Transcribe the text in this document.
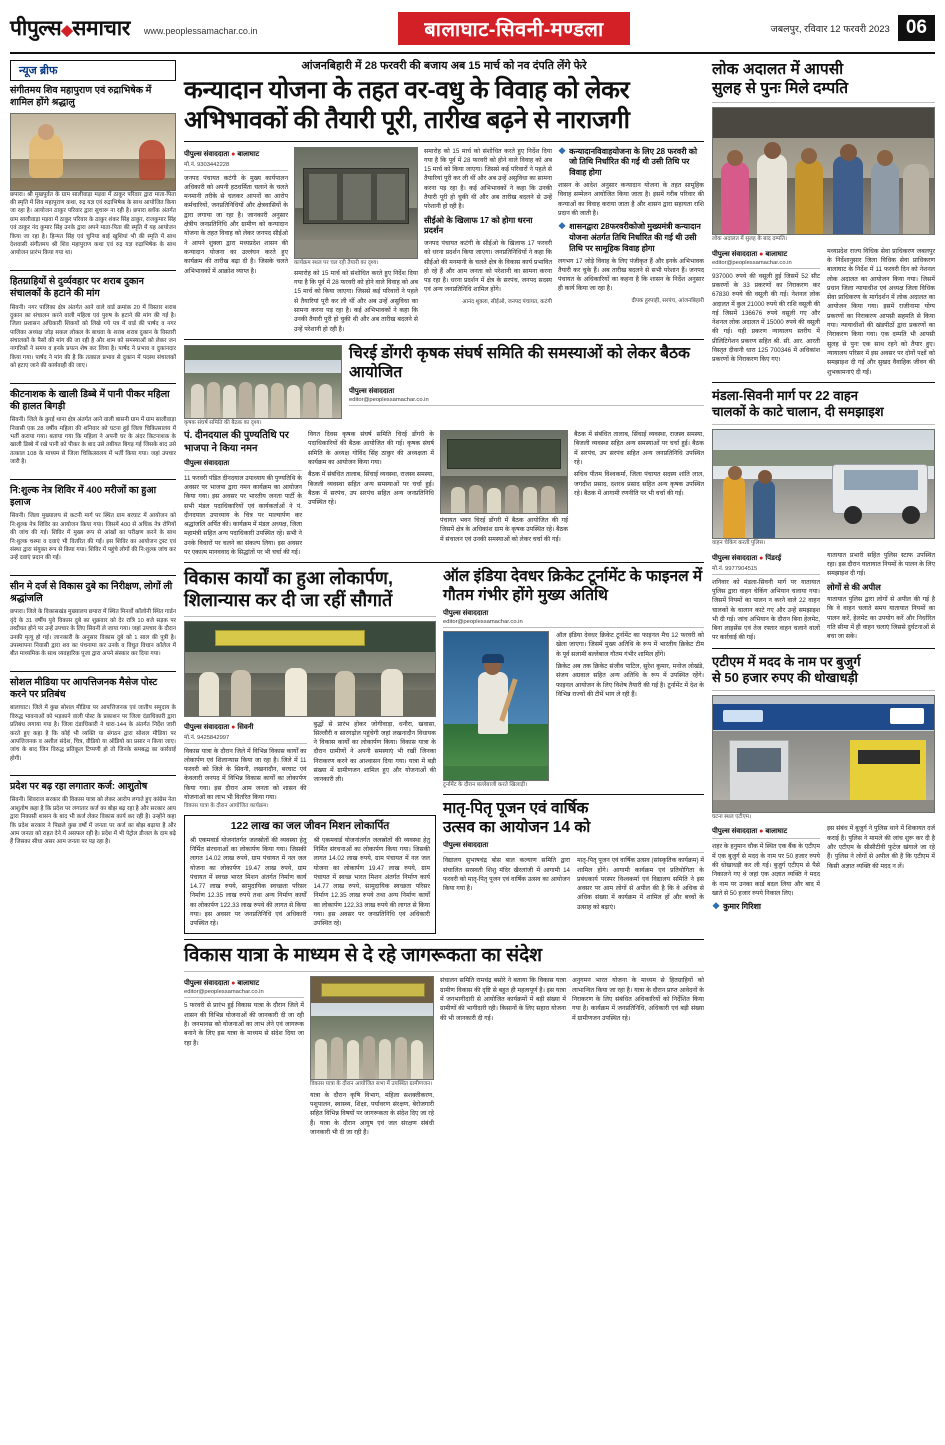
पीपुल्स◆समाचार www.peoplessamachar.co.in	बालाघाट-सिवनी-मण्डला	जबलपुर, रविवार 12 फरवरी 2023 06
न्यूज ब्रीफ
संगीतमय शिव महापुराण एवं रुद्राभिषेक में शामिल होंगे श्रद्धालु
छपारा। श्री मुखपुर्वत के ग्राम सालीवाड़ा मड़वा में ठाकुर परिवार द्वारा माता-पिता की स्मृति में शिव महापुराण कथा, रुद्र यज्ञ एवं रुद्राभिषेक के साथ आयोजित किया जा रहा है। आयोजन ठाकुर परिवार द्वारा सुचारू ना रही है। छपारा ब्लॉक अंतर्गत ग्राम सालीवाड़ा मड़वा में ठाकुर परिवार के ठाकुर शंकर सिंह ठाकुर, राजकुमार सिंह एवं ठाकुर नंद कुमार सिंह उनके द्वारा अपने माता-पिता की स्मृति में यह आयोजन किया जा रहा है। हिन्मत सिंह एवं चुनिया बाई खुशियां भी की स्मृति में साथ देशवासी संगीतमय श्री शिव महापुराण कथा एवं रुद्र यज्ञ रुद्राभिषेक के साथ आयोजन प्रारंभ किया गया था।
हितग्राहियों से दुर्व्यवहार पर शराब दुकान संचालकों के हटाने की मांग
सिवनी। नगर पालिका क्षेत्र अंतर्गत आने वाले वार्ड क्रमांक 20 में विस्तार शराब दुकान का संचालन करने वाली महिला एवं पुरुष के हटाने की मांग की गई है। जिला प्रशासन अधिकारी शिकयों को लिखे गये पत्र में वार्ड की पार्षद व नगर पालिका अध्यक्ष जोड़ सकल लोकल के बाधवा के शराब शराब दुकान के विस्तारी संचालकों के पैसों की मांग की जा रही है और शाम को समस्याओं को लेकर जन नागरिकों ने समय व इनके प्रयत्न शेष कर लिया है। पार्षद ने प्रभाव व दुकानदार किया गया। पार्षद ने मांग की है कि तत्काल प्रभाव से दुकान में पदस्थ संचालकों को हटाए जाने की कार्यवाही की जाए।
कीटनाशक के खाली डिब्बे में पानी पीकर महिला की हालत बिगड़ी
सिवनी। जिले के कुरई थाना क्षेत्र अंतर्गत आने वाली बासनी ग्राम में ग्राम सालीवाड़ा निवासी एक 28 वर्षीय महिला की शनिवार को घटना हुई जिला चिकित्सालय में भर्ती कराया गया। बताया गया कि महिला ने अपनी घर के अंदर किटनाशक के खाली डिब्बे में रखे पानी को पीकर के बाद उसे तबीयत बिगड़ गई जिसके बाद उसे तत्काल 108 के माध्यम से जिला चिकित्सालय में भर्ती किया गया। जहां उपचार जारी है।
नि:शुल्क नेत्र शिविर में 400 मरीजों का हुआ इलाज
सिवनी। जिला मुख्यालय से कटनी मार्ग पर स्थित ग्राम बरघाट में आयोजन को नि:शुल्क नेत्र शिविर का आयोजन किया गया। जिसमें 400 से अधिक नेत्र रोगियों की जांच की गई। शिविर में मुख्य रूप से आंखों का परीक्षण करने के साथ नि:शुल्क चश्मा व दवाएं भी वितरित की गईं। इस शिविर का आयोजन ट्रस्ट एवं संस्था द्वारा संयुक्त रूप से किया गया। शिविर में पहुंचे लोगों की नि:शुल्क जांच कर उन्हें दवाएं प्रदान की गईं।
सीन मे दर्ज से विकास दुबे का निरीक्षण, लोगों ली श्रद्धांजलि
छपारा। जिले के विकासखंड मुख्यालय छपारा में स्थित मिनर्वो कॉलोनी स्थित गार्डन वृंदे के 31 वर्षीय युवे विकास दुबे का शुक्रवार को देर रात्रि 10 बजे सड़क पर तब्दीयत होने पर उन्हें उपचार के लिए सिवनी ले जाया गया। जहां उपचार के दौरान उनकी मृत्यु हो गई। जानकारी के अनुसार विकास दुबे को 1 साल की पुत्री है। उपस्थापना निवासी द्वारा शव का पंचनामा कर उनके व विधुत विधान कॉलेज में बीत माध्यमिक के साथ व्यवहारिक पूजा द्वारा अपने संस्कार कर दिया गया।
सोशल मीडिया पर आपत्तिजनक मैसेज पोस्ट करने पर प्रतिबंध
बालाघाट। जिले में कुछ सोशल मीडिया पर आपत्तिजनक एवं जातीय समुदाय के विरुद्ध भावनाओं को भड़काने वाली पोस्ट के प्रकाशन पर जिला दंडाधिकारी द्वारा प्रतिबंध लगाया गया है। जिला दंडाधिकारी ने धारा-144 के अंतर्गत निर्देश जारी करते हुए कहा है कि कोई भी व्यक्ति या संगठन द्वारा सोशल मीडिया पर आपत्तिजनक व अशील संदेश, चित्र, वीडियो या ऑडियो का प्रसार न किया जाए। जांच के बाद जिन विरुद्ध प्रतिकूल टिप्पणी हो तो जिनके समबद्ध का कार्रवाई होगी।
प्रदेश पर बढ़ रहा लगातार कर्ज: आशुतोष
सिवनी। शिवराज सरकार की विकास यात्रा को लेकर आरोप लगाते हुए कांग्रेस नेता आशुतोष कहा है कि प्रदेश पर लगातार कर्ज का बोझ बढ़ रहा है और सरकार आय द्वारा निकासी शासन के बाद भी कर्ज लेकर विकास कार्य कर रही है। उन्होंने कहा कि प्रदेश सरकार ने पिछले कुछ वर्षों में जनता पर कर्ज का बोझ बढ़ाया है और आम जनता को राहत देने में असफल रही है। प्रदेश में भी पेट्रोल डीजल के दाम बढ़े हैं जिसका सीधा असर आम जनता पर पड़ रहा है।
आंजनबिहारी में 28 फरवरी की बजाय अब 15 मार्च को नव दंपति लेंगे फेरे
कन्यादान योजना के तहत वर-वधु के विवाह को लेकर
अभिभावकों की तैयारी पूरी, तारीख बढ़ने से नाराजगी
पीपुल्स संवाददाता ● बालाघाट
मो.नं. 9303442228
जनपद पंचायत कटंगी के मुख्य कार्यपालन अधिकारी को अपनी हठधर्मिता चलाने के चलते मनमानी तरीके से चलकर आपनों का आरोप कर्मचारियों, जनप्रतिनिधियों और क्षेत्रवासियों के द्वारा लगाया जा रहा है। जानकारी अनुसार क्षेत्रीय जनप्रतिनिधि और ग्रामीण को कन्यादान योजना के तहत विवाह को लेकर जनपद सीईओ ने आपने शुक्ला द्वारा मध्यप्रदेश शासन की कन्यादान योजना का उल्लंघन करते हुए कार्यक्रम की तारीख बढ़ा दी है। जिसके चलते अभिभावकों में आक्रोश व्याप्त है।
कार्यक्रम स्थल पर चल रही तैयारी का दृश्य।
समारोह को 15 मार्च को संशोधित करते हुए निर्देश दिया गया है कि पूर्व में 28 फरवरी को होने वाले विवाह को अब 15 मार्च को किया जाएगा। जिससे कई परिवारों ने पहले से तैयारियां पूरी कर ली थीं और अब उन्हें असुविधा का सामना करना पड़ रहा है। कई अभिभावकों ने कहा कि उनकी तैयारी पूरी हो चुकी थी और अब तारीख बदलने से उन्हें परेशानी हो रही है।
समारोह को 15 मार्च को संशोधित करते हुए निर्देश दिया गया है कि पूर्व में 28 फरवरी को होने वाले विवाह को अब 15 मार्च को किया जाएगा। जिससे कई परिवारों ने पहले से तैयारियां पूरी कर ली थीं और अब उन्हें असुविधा का सामना करना पड़ रहा है। कई अभिभावकों ने कहा कि उनकी तैयारी पूरी हो चुकी थी और अब तारीख बदलने से उन्हें परेशानी हो रही है।
सीईओ के खिलाफ 17 को होगा धरना प्रदर्शन
जनपद पंचायत कटंगी के सीईओ के खिलाफ 17 फरवरी को धरना प्रदर्शन किया जाएगा। जनप्रतिनिधियों ने कहा कि सीईओ की मनमानी के चलते क्षेत्र के विकास कार्य प्रभावित हो रहे हैं और आम जनता को परेशानी का सामना करना पड़ रहा है। धरना प्रदर्शन में क्षेत्र के सरपंच, जनपद सदस्य एवं अन्य जनप्रतिनिधि शामिल होंगे।
आनंद शुक्ला, सीईओ, जनपद पंचायत, कटंगी
❖ कन्यादानविवाहयोजना के लिए 28 फरवरी को जो तिथि निर्धारित की गई थी उसी तिथि पर विवाह होगा
शासन के आदेश अनुसार कन्यादान योजना के तहत सामूहिक विवाह सम्मेलन आयोजित किया जाता है। इसमें गरीब परिवार की कन्याओं का विवाह कराया जाता है और शासन द्वारा सहायता राशि प्रदान की जाती है।
❖ शासनद्वारा 28फरवरीकोजो मुख्यमंत्री कन्यादान योजना अंतर्गत तिथि निर्धारित की गई थी उसी तिथि पर सामूहिक विवाह होगा
लगभग 17 जोड़े विवाह के लिए पंजीकृत हैं और इनके अभिभावक तैयारी कर चुके हैं। अब तारीख बदलने से सभी परेशान हैं। जनपद पंचायत के अधिकारियों का कहना है कि शासन के निर्देश अनुसार ही कार्य किया जा रहा है।
दीपक हुरपाही, सरपंच, आंजनबिहारी
कृषक संघर्ष समिति की बैठक का दृश्य।
चिरई डोंगरी कृषक संघर्ष समिति की समस्याओं को लेकर बैठक आयोजित
पीपुल्स संवाददाता
editor@peoplessamachar.co.in
पं. दीनदयाल की पुण्यतिथि पर भाजपा ने किया नमन
पीपुल्स संवाददाता
11 फरवरी पंडित दीनदयाल उपाध्याय की पुण्यतिथि के अवसर पर भाजपा द्वारा नमन कार्यक्रम का आयोजन किया गया। इस अवसर पर भारतीय जनता पार्टी के सभी मंडल पदाधिकारियों एवं कार्यकर्ताओं ने पं. दीनदयाल उपाध्याय के चित्र पर माल्यार्पण कर श्रद्धांजलि अर्पित की। कार्यक्रम में मंडल अध्यक्ष, जिला महामंत्री सहित अन्य पदाधिकारी उपस्थित रहे। सभी ने उनके विचारों पर चलने का संकल्प लिया। इस अवसर पर एकात्म मानववाद के सिद्धांतों पर भी चर्चा की गई।
विगत दिवस कृषक संघर्ष समिति चिरई डोंगरी के पदाधिकारियों की बैठक आयोजित की गई। कृषक संघर्ष समिति के अध्यक्ष गोविंद सिंह ठाकुर की अध्यक्षता में कार्यक्रम का आयोजन किया गया।
बैठक में संबंधित तालाब, सिंचाई व्यवस्था, राजस्व समस्या, बिजली व्यवस्था सहित अन्य समस्याओं पर चर्चा हुई। बैठक में सरपंच, उप सरपंच सहित अन्य जनप्रतिनिधि उपस्थित रहे।
पंचायत भवन चिरई डोंगरी में बैठक आयोजित की गई जिसमें क्षेत्र के अधिकांश ग्राम के कृषक उपस्थित रहे। बैठक में संचालन एवं उनकी समस्याओं को लेकर चर्चा की गई।
बैठक में संबंधित तालाब, सिंचाई व्यवस्था, राजस्व समस्या, बिजली व्यवस्था सहित अन्य समस्याओं पर चर्चा हुई। बैठक में सरपंच, उप सरपंच सहित अन्य जनप्रतिनिधि उपस्थित रहे।
सचिव पीतम विश्वकर्मा, जिला पंचायत सदस्य शांति लाल, जगदीश प्रसाद, दशरथ प्रसाद सहित अन्य कृषक उपस्थित रहे। बैठक में आगामी रणनीति पर भी चर्चा की गई।
विकास कार्यों का हुआ लोकार्पण,
शिलान्यास कर दी जा रहीं सौगातें
पीपुल्स संवाददाता ● सिवनी
मो.नं. 9425842997
विकास यात्रा के दौरान जिले में विभिन्न विकास कार्यों का लोकार्पण एवं शिलान्यास किया जा रहा है। जिले में 11 फरवरी को जिले के सिवनी, लखनादौन, बरघाट एवं केवलारी जनपद में विभिन्न विकास कार्यों का लोकार्पण किया गया। इस दौरान आम जनता को शासन की योजनाओं का लाभ भी वितरित किया गया।
बुद्धों से प्रारंभ होकर जोगीवाड़ा, धनौरा, खवासा, सिल्लौरी व सारगढ़ोल पहुंचेगी जहां लखनादौन विधायक ने विकास कार्यों का लोकार्पण किया। विकास यात्रा के दौरान ग्रामीणों ने अपनी समस्याएं भी रखीं जिनका निराकरण करने का आश्वासन दिया गया। यात्रा में बड़ी संख्या में ग्रामीणजन शामिल हुए और योजनाओं की जानकारी ली।
विकास यात्रा के दौरान आयोजित कार्यक्रम।
122 लाख का जल जीवन मिशन लोकार्पित
श्री एकमवार्ड योजनांतर्गत जलस्रोतों की व्यवस्था हेतु निर्मित संरचनाओं का लोकार्पण किया गया। जिसकी लागत 14.02 लाख रुपये, ग्राम पंचायत में नल जल योजना का लोकार्पण 19.47 लाख रुपये, ग्राम पंचायत में स्वच्छ भारत मिशन अंतर्गत निर्माण कार्य 14.77 लाख रुपये, सामुदायिक स्वच्छता परिसर निर्माण 12.35 लाख रुपये तथा अन्य निर्माण कार्यों का लोकार्पण 122.33 लाख रुपये की लागत से किया गया। इस अवसर पर जनप्रतिनिधि एवं अधिकारी उपस्थित रहे।
श्री एकमवार्ड योजनांतर्गत जलस्रोतों की व्यवस्था हेतु निर्मित संरचनाओं का लोकार्पण किया गया। जिसकी लागत 14.02 लाख रुपये, ग्राम पंचायत में नल जल योजना का लोकार्पण 19.47 लाख रुपये, ग्राम पंचायत में स्वच्छ भारत मिशन अंतर्गत निर्माण कार्य 14.77 लाख रुपये, सामुदायिक स्वच्छता परिसर निर्माण 12.35 लाख रुपये तथा अन्य निर्माण कार्यों का लोकार्पण 122.33 लाख रुपये की लागत से किया गया। इस अवसर पर जनप्रतिनिधि एवं अधिकारी उपस्थित रहे।
ऑल इंडिया देवधर क्रिकेट टूर्नामेंट के फाइनल में गौतम गंभीर होंगे मुख्य अतिथि
पीपुल्स संवाददाता
editor@peoplessamachar.co.in
टूर्नामेंट के दौरान बल्लेबाजी करते खिलाड़ी।
ऑल इंडिया देवधर क्रिकेट टूर्नामेंट का फाइनल मैच 12 फरवरी को खेला जाएगा। जिसमें मुख्य अतिथि के रूप में भारतीय क्रिकेट टीम के पूर्व सलामी बल्लेबाज गौतम गंभीर शामिल होंगे।
क्रिकेट अब तक क्रिकेट संजीव पाटिल, सुरेश कुमार, मनोज लोखंडे, संजय अग्रवाल सहित अन्य अतिथि के रूप में उपस्थित रहेंगे। फाइनल आयोजन के लिए विशेष तैयारी की गई है। टूर्नामेंट में देश के विभिन्न राज्यों की टीमें भाग ले रही हैं।
मातृ-पितृ पूजन एवं वार्षिक
उत्सव का आयोजन 14 को
पीपुल्स संवाददाता
विद्यालय सुभाषचंद्र बोस बाल कल्याण समिति द्वारा संचालित सरस्वती शिशु मंदिर खैरलांजी में आगामी 14 फरवरी को मातृ-पितृ पूजन एवं वार्षिक उत्सव का आयोजन किया गया है।
मातृ-पितृ पूजन एवं वार्षिक उत्सव (सांस्कृतिक कार्यक्रम) में शामिल होंगे। आगामी कार्यक्रम एवं प्रतियोगिता के प्रबंधकार्य परस्पर विश्वकर्मा एवं विद्यालय समिति ने इस अवसर पर आम लोगों से अपील की है कि वे अधिक से अधिक संख्या में कार्यक्रम में शामिल हों और बच्चों के उत्साह को बढ़ाएं।
विकास यात्रा के माध्यम से दे रहे जागरूकता का संदेश
पीपुल्स संवाददाता ● बालाघाट
editor@peoplessamachar.co.in
5 फरवरी से प्रारंभ हुई विकास यात्रा के दौरान जिले में शासन की विभिन्न योजनाओं की जानकारी दी जा रही है। जनमानस को योजनाओं का लाभ लेने एवं जागरूक बनाने के लिए इस यात्रा के माध्यम से संदेश दिया जा रहा है।
विकास यात्रा के दौरान आयोजित सभा में उपस्थित ग्रामीणजन।
यात्रा के दौरान कृषि विभाग, महिला सशक्तीकरण, पशुपालन, स्वास्थ्य, शिक्षा, पर्यावरण संरक्षण, बेरोजगारी सहित विभिन्न विषयों पर जागरूकता के संदेश दिए जा रहे हैं। यात्रा के दौरान आयुष एवं जल संरक्षण संबंधी जानकारी भी दी जा रही है।
संचालन समिति रामचंद्र बसोरे ने बताया कि विकास यात्रा ग्रामीण विकास की दृष्टि से बहुत ही महत्वपूर्ण है। इस यात्रा में जनभागीदारी से आयोजित कार्यक्रमों में बड़ी संख्या में ग्रामीणों की भागीदारी रही। किसानों के लिए सहारा योजना की भी जानकारी दी गई।
अनुगमन भारत योजना के माध्यम से हितग्राहियों को लाभान्वित किया जा रहा है। यात्रा के दौरान प्राप्त आवेदनों के निराकरण के लिए संबंधित अधिकारियों को निर्देशित किया गया है। कार्यक्रम में जनप्रतिनिधि, अधिकारी एवं बड़ी संख्या में ग्रामीणजन उपस्थित रहे।
लोक अदालत में आपसी
सुलह से पुनः मिले दम्पति
लोक अदालत में सुलह के बाद दम्पति।
पीपुल्स संवाददाता ● बालाघाट
editor@peoplessamachar.co.in
937000 रुपये की वसूली हुई जिसमें 52 सीट प्रकरणों के 33 प्रकरणों का निराकरण कर 67830 रुपये की वसूली की गई। नेशनल लोक अदालत में कुल 21000 रुपये की राशि वसूली की गई जिसमें 136676 रुपये वसूली गए और नेशनल लोक अदालत में 15000 रुपये की वसूली की गई। यही प्रकरण न्यायालय स्तरीय में प्रीलिटिगेशन प्रकरण सहित श्री. सी. आर. आरती विस्तृत दीवानी धारा 125 700346 में अधिकांश प्रकरणों के निराकरण किए गए।
मध्यप्रदेश राज्य विधिक सेवा प्राधिकरण जबलपुर के निर्देशानुसार जिला विधिक सेवा प्राधिकरण बालाघाट के निर्देश में 11 फरवरी दिन को नेशनल लोक अदालत का आयोजन किया गया। जिसमें प्रधान जिला न्यायाधीश एवं अध्यक्ष जिला विधिक सेवा प्राधिकरण के मार्गदर्शन में लोक अदालत का आयोजन किया गया। इसमें राजीनामा योग्य प्रकरणों का निराकरण आपसी सहमति से किया गया। न्यायाधीशों की खंडपीठों द्वारा प्रकरणों का निराकरण किया गया। एक दम्पति भी आपसी सुलह से पुनः एक साथ रहने को तैयार हुए। न्यायालय परिसर में इस अवसर पर दोनों पक्षों को समझाइश दी गई और सुखद वैवाहिक जीवन की शुभकामनाएं दी गईं।
मंडला-सिवनी मार्ग पर 22 वाहन
चालकों के काटे चालान, दी समझाइश
वाहन चेकिंग करती पुलिस।
पीपुल्स संवाददाता ● पिंडरई
मो.नं. 9977904515
शनिवार को मंडला-सिवनी मार्ग पर यातायात पुलिस द्वारा वाहन चेकिंग अभियान चलाया गया। जिसमें नियमों का पालन न करने वाले 22 वाहन चालकों के चालान काटे गए और उन्हें समझाइश भी दी गई। जांच अभियान के दौरान बिना हेलमेट, बिना लाइसेंस एवं तेज रफ्तार वाहन चलाने वालों पर कार्रवाई की गई।
यातायात प्रभारी सहित पुलिस स्टाफ उपस्थित रहा। इस दौरान यातायात नियमों के पालन के लिए समझाइश दी गई।
लोगों से की अपील
यातायात पुलिस द्वारा लोगों से अपील की गई है कि वे वाहन चलाते समय यातायात नियमों का पालन करें, हेलमेट का उपयोग करें और निर्धारित गति सीमा में ही वाहन चलाएं जिससे दुर्घटनाओं से बचा जा सके।
एटीएम में मदद के नाम पर बुजुर्ग
से 50 हजार रुपए की धोखाधड़ी
घटना स्थल एटीएम।
पीपुल्स संवाददाता ● बालाघाट
शहर के हनुमान चौक में स्थित एक बैंक के एटीएम में एक बुजुर्ग से मदद के नाम पर 50 हजार रुपये की धोखाधड़ी कर ली गई। बुजुर्ग एटीएम से पैसे निकालने गए थे जहां एक अज्ञात व्यक्ति ने मदद के नाम पर उनका कार्ड बदल लिया और बाद में खाते से 50 हजार रुपये निकाल लिए।
इस संबंध में बुजुर्ग ने पुलिस थाने में शिकायत दर्ज कराई है। पुलिस ने मामले की जांच शुरू कर दी है और एटीएम के सीसीटीवी फुटेज खंगाले जा रहे हैं। पुलिस ने लोगों से अपील की है कि एटीएम में किसी अज्ञात व्यक्ति की मदद न लें।
❖ कुमार गिरिशा
